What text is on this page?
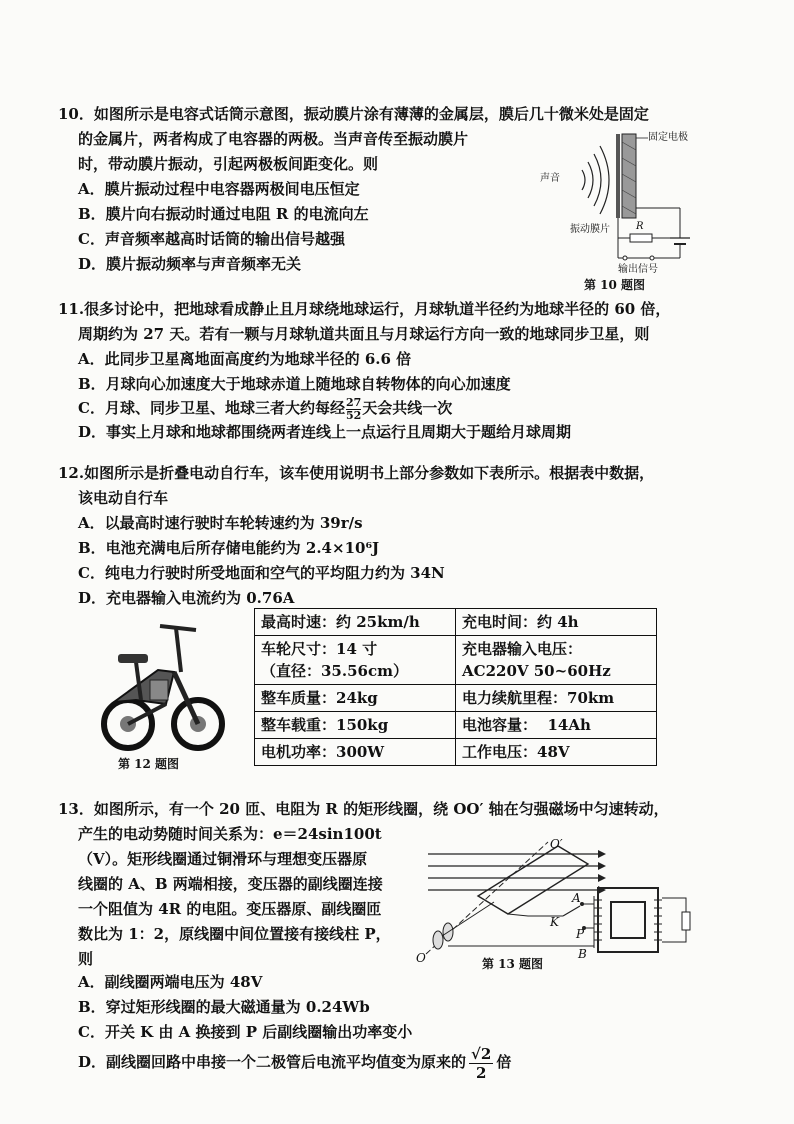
10．如图所示是电容式话筒示意图，振动膜片涂有薄薄的金属层，膜后几十微米处是固定
的金属片，两者构成了电容器的两极。当声音传至振动膜片
时，带动膜片振动，引起两极板间距变化。则
A．膜片振动过程中电容器两极间电压恒定
B．膜片向右振动时通过电阻 R 的电流向左
C．声音频率越高时话筒的输出信号越强
D．膜片振动频率与声音频率无关
声音
固定电极
振动膜片	R
输出信号
第 10 题图
11.很多讨论中，把地球看成静止且月球绕地球运行，月球轨道半径约为地球半径的 60 倍，
周期约为 27 天。若有一颗与月球轨道共面且与月球运行方向一致的地球同步卫星，则
A．此同步卫星离地面高度约为地球半径的 6.6 倍
B．月球向心加速度大于地球赤道上随地球自转物体的向心加速度
C．月球、同步卫星、地球三者大约每经 $\frac{27}{52}$ 天会共线一次
D．事实上月球和地球都围绕两者连线上一点运行且周期大于题给月球周期
12.如图所示是折叠电动自行车，该车使用说明书上部分参数如下表所示。根据表中数据，
该电动自行车
A．以最高时速行驶时车轮转速约为 39r/s
B．电池充满电后所存储电能约为 2.4×10⁶J
C．纯电力行驶时所受地面和空气的平均阻力约为 34N
D．充电器输入电流约为 0.76A
第 12 题图
最高时速：约 25km/h	充电时间：约 4h
车轮尺寸：14 寸
（直径：35.56cm）	充电器输入电压：
AC220V 50~60Hz
整车质量：24kg	电力续航里程：70km
整车载重：150kg	电池容量：  14Ah
电机功率：300W	工作电压：48V
13．如图所示，有一个 20 匝、电阻为 R 的矩形线圈，绕 OO′ 轴在匀强磁场中匀速转动，
产生的电动势随时间关系为：e＝24sin100t
（V）。矩形线圈通过铜滑环与理想变压器原
线圈的 A、B 两端相接，变压器的副线圈连接
一个阻值为 4R 的电阻。变压器原、副线圈匝
数比为 1：2，原线圈中间位置接有接线柱 P，
则
A．副线圈两端电压为 48V
B．穿过矩形线圈的最大磁通量为 0.24Wb
C．开关 K 由 A 换接到 P 后副线圈输出功率变小
D．副线圈回路中串接一个二极管后电流平均值变为原来的 $\frac{√2}{2}$ 倍
O′
O
A
K
P
B
第 13 题图
